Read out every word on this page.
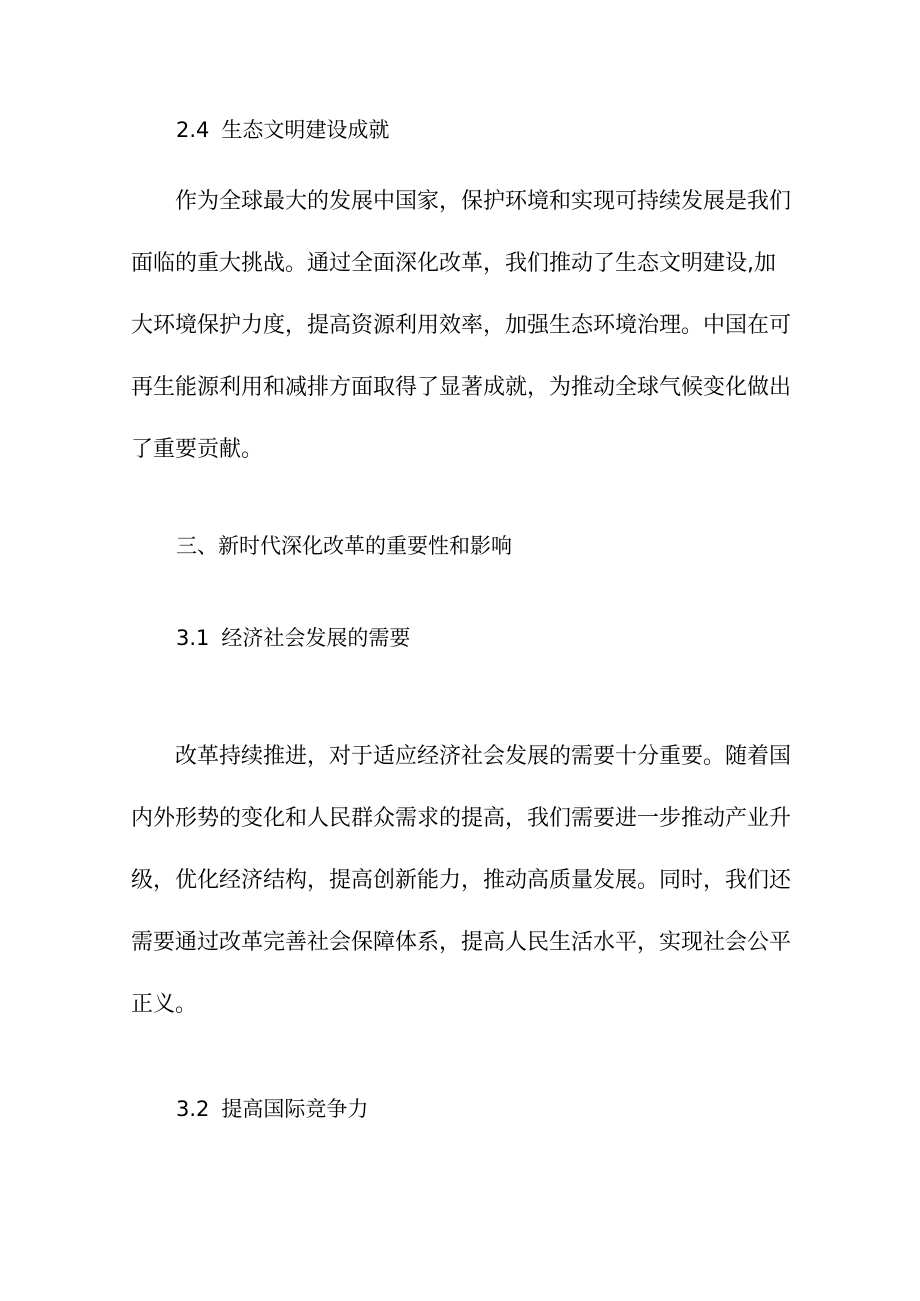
2.4 生态文明建设成就

作为全球最大的发展中国家，保护环境和实现可持续发展是我们面临的重大挑战。通过全面深化改革，我们推动了生态文明建设,加大环境保护力度，提高资源利用效率，加强生态环境治理。中国在可再生能源利用和减排方面取得了显著成就，为推动全球气候变化做出了重要贡献。

三、新时代深化改革的重要性和影响
3.1 经济社会发展的需要

改革持续推进，对于适应经济社会发展的需要十分重要。随着国内外形势的变化和人民群众需求的提高，我们需要进一步推动产业升级，优化经济结构，提高创新能力，推动高质量发展。同时，我们还需要通过改革完善社会保障体系，提高人民生活水平，实现社会公平正义。

3.2 提高国际竞争力
